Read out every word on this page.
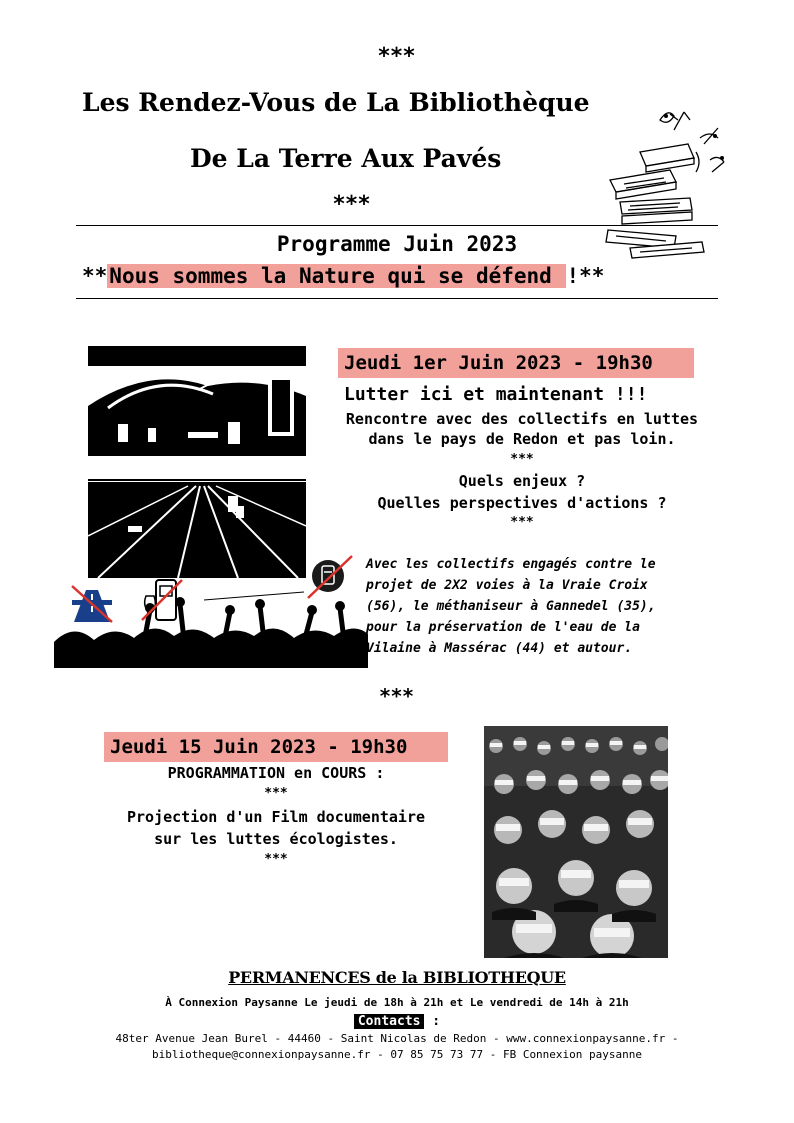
***
Les Rendez-Vous de La Bibliothèque
De La Terre Aux Pavés
***
Programme Juin 2023
**Nous sommes la Nature qui se défend !**
Jeudi 1er Juin 2023 - 19h30
Lutter ici et maintenant !!!
Rencontre avec des collectifs en luttes
dans le pays de Redon et pas loin.
***
Quels enjeux ?
Quelles perspectives d'actions ?
***
Avec les collectifs engagés contre le
projet de 2X2 voies à la Vraie Croix
(56), le méthaniseur à Gannedel (35),
pour la préservation de l'eau de la
Vilaine à Massérac (44) et autour.
***
Jeudi 15 Juin 2023 - 19h30
PROGRAMMATION en COURS :
***
Projection d'un Film documentaire
sur les luttes écologistes.
***
PERMANENCES de la BIBLIOTHEQUE
À Connexion Paysanne Le jeudi de 18h à 21h et Le vendredi de 14h à 21h
Contacts :
48ter Avenue Jean Burel - 44460 - Saint Nicolas de Redon - www.connexionpaysanne.fr -
bibliotheque@connexionpaysanne.fr - 07 85 75 73 77 - FB Connexion paysanne
